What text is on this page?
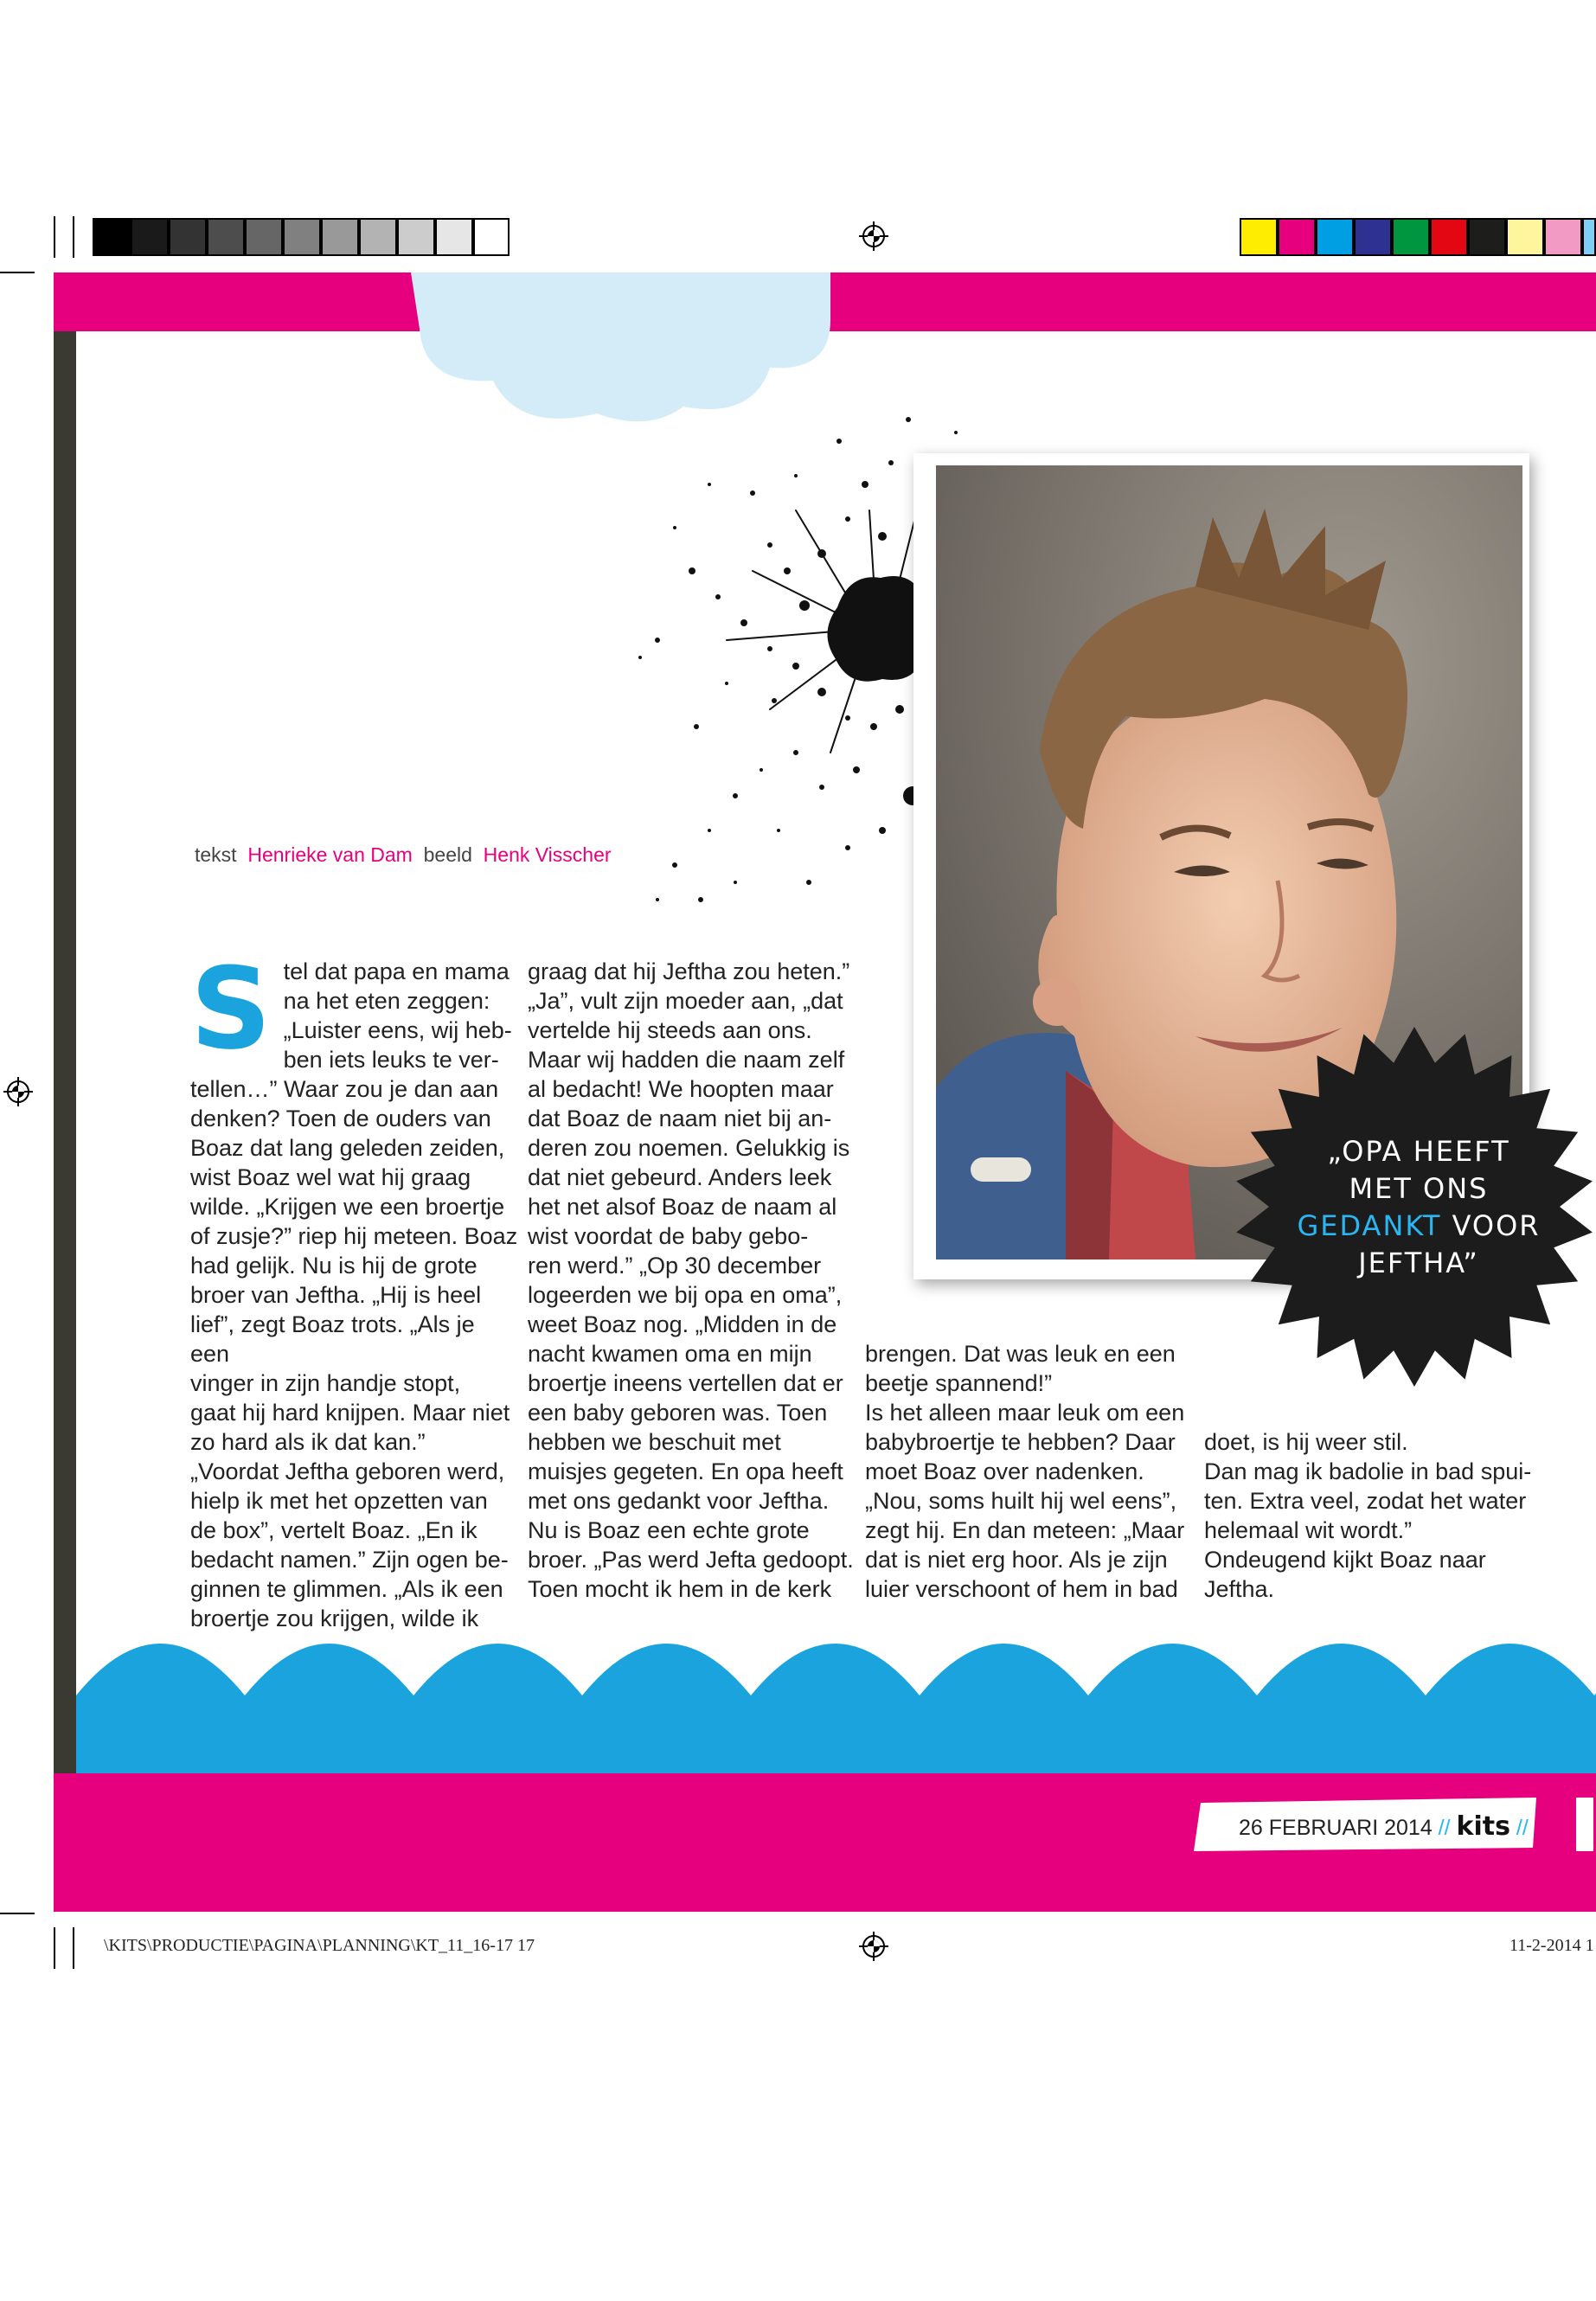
„OPA HEEFT
MET ONS
GEDANKT VOOR
JEFTHA”
tekst Henrieke van Dam beeld Henk Visscher
S tel dat papa en mama

na het eten zeggen:

„Luister eens, wij heb-

ben iets leuks te ver-

tellen…” Waar zou je dan aan

denken? Toen de ouders van

Boaz dat lang geleden zeiden,

wist Boaz wel wat hij graag

wilde. „Krijgen we een broertje

of zusje?” riep hij meteen. Boaz

had gelijk. Nu is hij de grote

broer van Jeftha. „Hij is heel

lief”, zegt Boaz trots. „Als je een

vinger in zijn handje stopt,

gaat hij hard knijpen. Maar niet

zo hard als ik dat kan.”

„Voordat Jeftha geboren werd,

hielp ik met het opzetten van

de box”, vertelt Boaz. „En ik

bedacht namen.” Zijn ogen be-

ginnen te glimmen. „Als ik een

broertje zou krijgen, wilde ik

graag dat hij Jeftha zou heten.”

„Ja”, vult zijn moeder aan, „dat

vertelde hij steeds aan ons.

Maar wij hadden die naam zelf

al bedacht! We hoopten maar

dat Boaz de naam niet bij an-

deren zou noemen. Gelukkig is

dat niet gebeurd. Anders leek

het net alsof Boaz de naam al

wist voordat de baby gebo-

ren werd.” „Op 30 december

logeerden we bij opa en oma”,

weet Boaz nog. „Midden in de

nacht kwamen oma en mijn

broertje ineens vertellen dat er

een baby geboren was. Toen

hebben we beschuit met

muisjes gegeten. En opa heeft

met ons gedankt voor Jeftha.

Nu is Boaz een echte grote

broer. „Pas werd Jefta gedoopt.

Toen mocht ik hem in de kerk

brengen. Dat was leuk en een

beetje spannend!”

Is het alleen maar leuk om een

babybroertje te hebben? Daar

moet Boaz over nadenken.

„Nou, soms huilt hij wel eens”,

zegt hij. En dan meteen: „Maar

dat is niet erg hoor. Als je zijn

luier verschoont of hem in bad

doet, is hij weer stil.

Dan mag ik badolie in bad spui-

ten. Extra veel, zodat het water

helemaal wit wordt.”

Ondeugend kijkt Boaz naar

Jeftha.

26 FEBRUARI 2014 // kits //
\KITS\PRODUCTIE\PAGINA\PLANNING\KT_11_16-17 17	11-2-2014 1
